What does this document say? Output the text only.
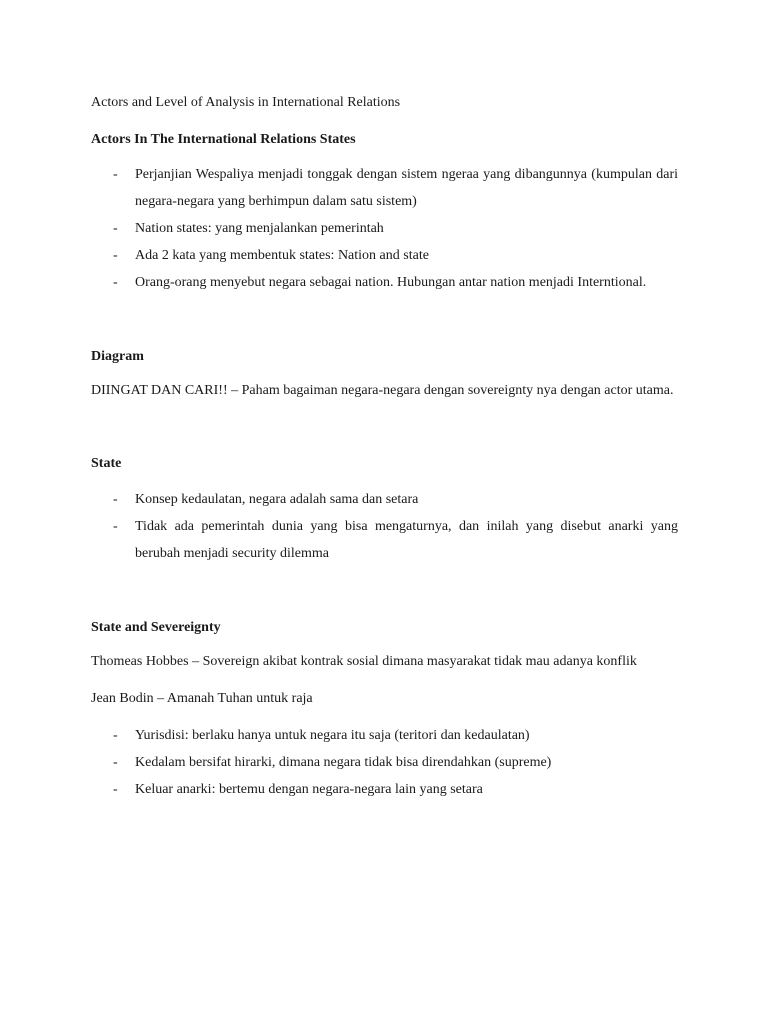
Actors and Level of Analysis in International Relations

Actors In The International Relations States

- Perjanjian Wespaliya menjadi tonggak dengan sistem ngeraa yang dibangunnya (kumpulan dari negara-negara yang berhimpun dalam satu sistem)
- Nation states: yang menjalankan pemerintah
- Ada 2 kata yang membentuk states: Nation and state
- Orang-orang menyebut negara sebagai nation. Hubungan antar nation menjadi Interntional.

Diagram

DIINGAT DAN CARI!! – Paham bagaiman negara-negara dengan sovereignty nya dengan actor utama.

State

- Konsep kedaulatan, negara adalah sama dan setara
- Tidak ada pemerintah dunia yang bisa mengaturnya, dan inilah yang disebut anarki yang berubah menjadi security dilemma

State and Severeignty

Thomeas Hobbes – Sovereign akibat kontrak sosial dimana masyarakat tidak mau adanya konflik

Jean Bodin – Amanah Tuhan untuk raja

- Yurisdisi: berlaku hanya untuk negara itu saja (teritori dan kedaulatan)
- Kedalam bersifat hirarki, dimana negara tidak bisa direndahkan (supreme)
- Keluar anarki: bertemu dengan negara-negara lain yang setara
